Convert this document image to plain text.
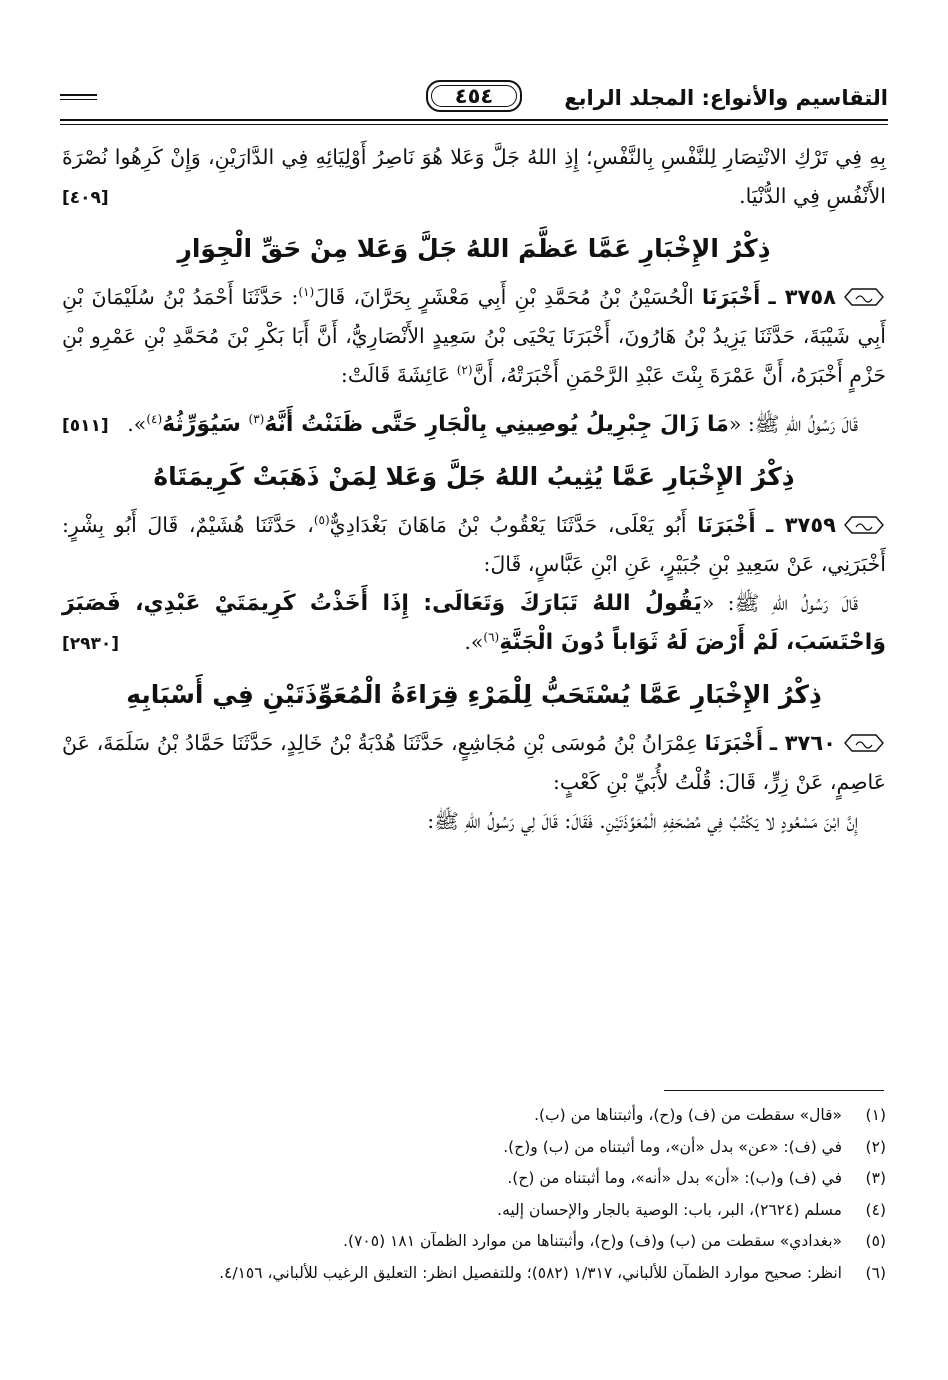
التقاسيم والأنواع: المجلد الرابع
٤٥٤

بِهِ فِي تَرْكِ الانْتِصَارِ لِلنَّفْسِ بِالنَّفْسِ؛ إِذِ اللهُ جَلَّ وَعَلا هُوَ نَاصِرُ أَوْلِيَائِهِ فِي الدَّارَيْنِ، وَإِنْ كَرِهُوا نُصْرَةَ الأَنْفُسِ فِي الدُّنْيَا.
[٤٠٩]

ذِكْرُ الإِخْبَارِ عَمَّا عَظَّمَ اللهُ جَلَّ وَعَلا مِنْ حَقِّ الْجِوَارِ

٣٧٥٨ ـ أَخْبَرَنَا الْحُسَيْنُ بْنُ مُحَمَّدِ بْنِ أَبِي مَعْشَرٍ بِحَرَّانَ، قَالَ$^{(١)}$: حَدَّثَنَا أَحْمَدُ بْنُ سُلَيْمَانَ بْنِ أَبِي شَيْبَةَ، حَدَّثَنَا يَزِيدُ بْنُ هَارُونَ، أَخْبَرَنَا يَحْيَى بْنُ سَعِيدٍ الأَنْصَارِيُّ، أَنَّ أَبَا بَكْرِ بْنَ مُحَمَّدِ بْنِ عَمْرِو بْنِ حَزْمٍ أَخْبَرَهُ، أَنَّ عَمْرَةَ بِنْتَ عَبْدِ الرَّحْمَنِ أَخْبَرَتْهُ، أَنَّ$^{(٢)}$ عَائِشَةَ قَالَتْ:

قَالَ رَسُولُ اللهِ ﷺ: «مَا زَالَ جِبْرِيلُ يُوصِينِي بِالْجَارِ حَتَّى ظَنَنْتُ أَنَّهُ$^{(٣)}$ سَيُوَرِّثُهُ$^{(٤)}$».
[٥١١]

ذِكْرُ الإِخْبَارِ عَمَّا يُثِيبُ اللهُ جَلَّ وَعَلا لِمَنْ ذَهَبَتْ كَرِيمَتَاهُ

٣٧٥٩ ـ أَخْبَرَنَا أَبُو يَعْلَى، حَدَّثَنَا يَعْقُوبُ بْنُ مَاهَانَ بَغْدَادِيٌّ$^{(٥)}$، حَدَّثَنَا هُشَيْمٌ، قَالَ أَبُو بِشْرٍ: أَخْبَرَنِي، عَنْ سَعِيدِ بْنِ جُبَيْرٍ، عَنِ ابْنِ عَبَّاسٍ، قَالَ:

قَالَ رَسُولُ اللهِ ﷺ: «يَقُولُ اللهُ تَبَارَكَ وَتَعَالَى: إِذَا أَخَذْتُ كَرِيمَتَيْ عَبْدِي، فَصَبَرَ وَاحْتَسَبَ، لَمْ أَرْضَ لَهُ ثَوَاباً دُونَ الْجَنَّةِ$^{(٦)}$».
[٢٩٣٠]

ذِكْرُ الإِخْبَارِ عَمَّا يُسْتَحَبُّ لِلْمَرْءِ قِرَاءَةُ الْمُعَوِّذَتَيْنِ فِي أَسْبَابِهِ

٣٧٦٠ ـ أَخْبَرَنَا عِمْرَانُ بْنُ مُوسَى بْنِ مُجَاشِعٍ، حَدَّثَنَا هُدْبَةُ بْنُ خَالِدٍ، حَدَّثَنَا حَمَّادُ بْنُ سَلَمَةَ، عَنْ عَاصِمٍ، عَنْ زِرٍّ، قَالَ: قُلْتُ لأُبَيِّ بْنِ كَعْبٍ:

إِنَّ ابْنَ مَسْعُودٍ لا يَكْتُبُ فِي مُصْحَفِهِ الْمُعَوِّذَتَيْنِ. فَقَالَ: قَالَ لِي رَسُولُ اللهِ ﷺ:

(١)
«قال» سقطت من (ف) و(ح)، وأثبتناها من (ب).
(٢)
في (ف): «عن» بدل «أن»، وما أثبتناه من (ب) و(ح).
(٣)
في (ف) و(ب): «أن» بدل «أنه»، وما أثبتناه من (ح).
(٤)
مسلم (٢٦٢٤)، البر، باب: الوصية بالجار والإحسان إليه.
(٥)
«بغدادي» سقطت من (ب) و(ف) و(ح)، وأثبتناها من موارد الظمآن ١٨١ (٧٠٥).
(٦)
انظر: صحيح موارد الظمآن للألباني، ١/٣١٧ (٥٨٢)؛ وللتفصيل انظر: التعليق الرغيب للألباني، ٤/١٥٦.
